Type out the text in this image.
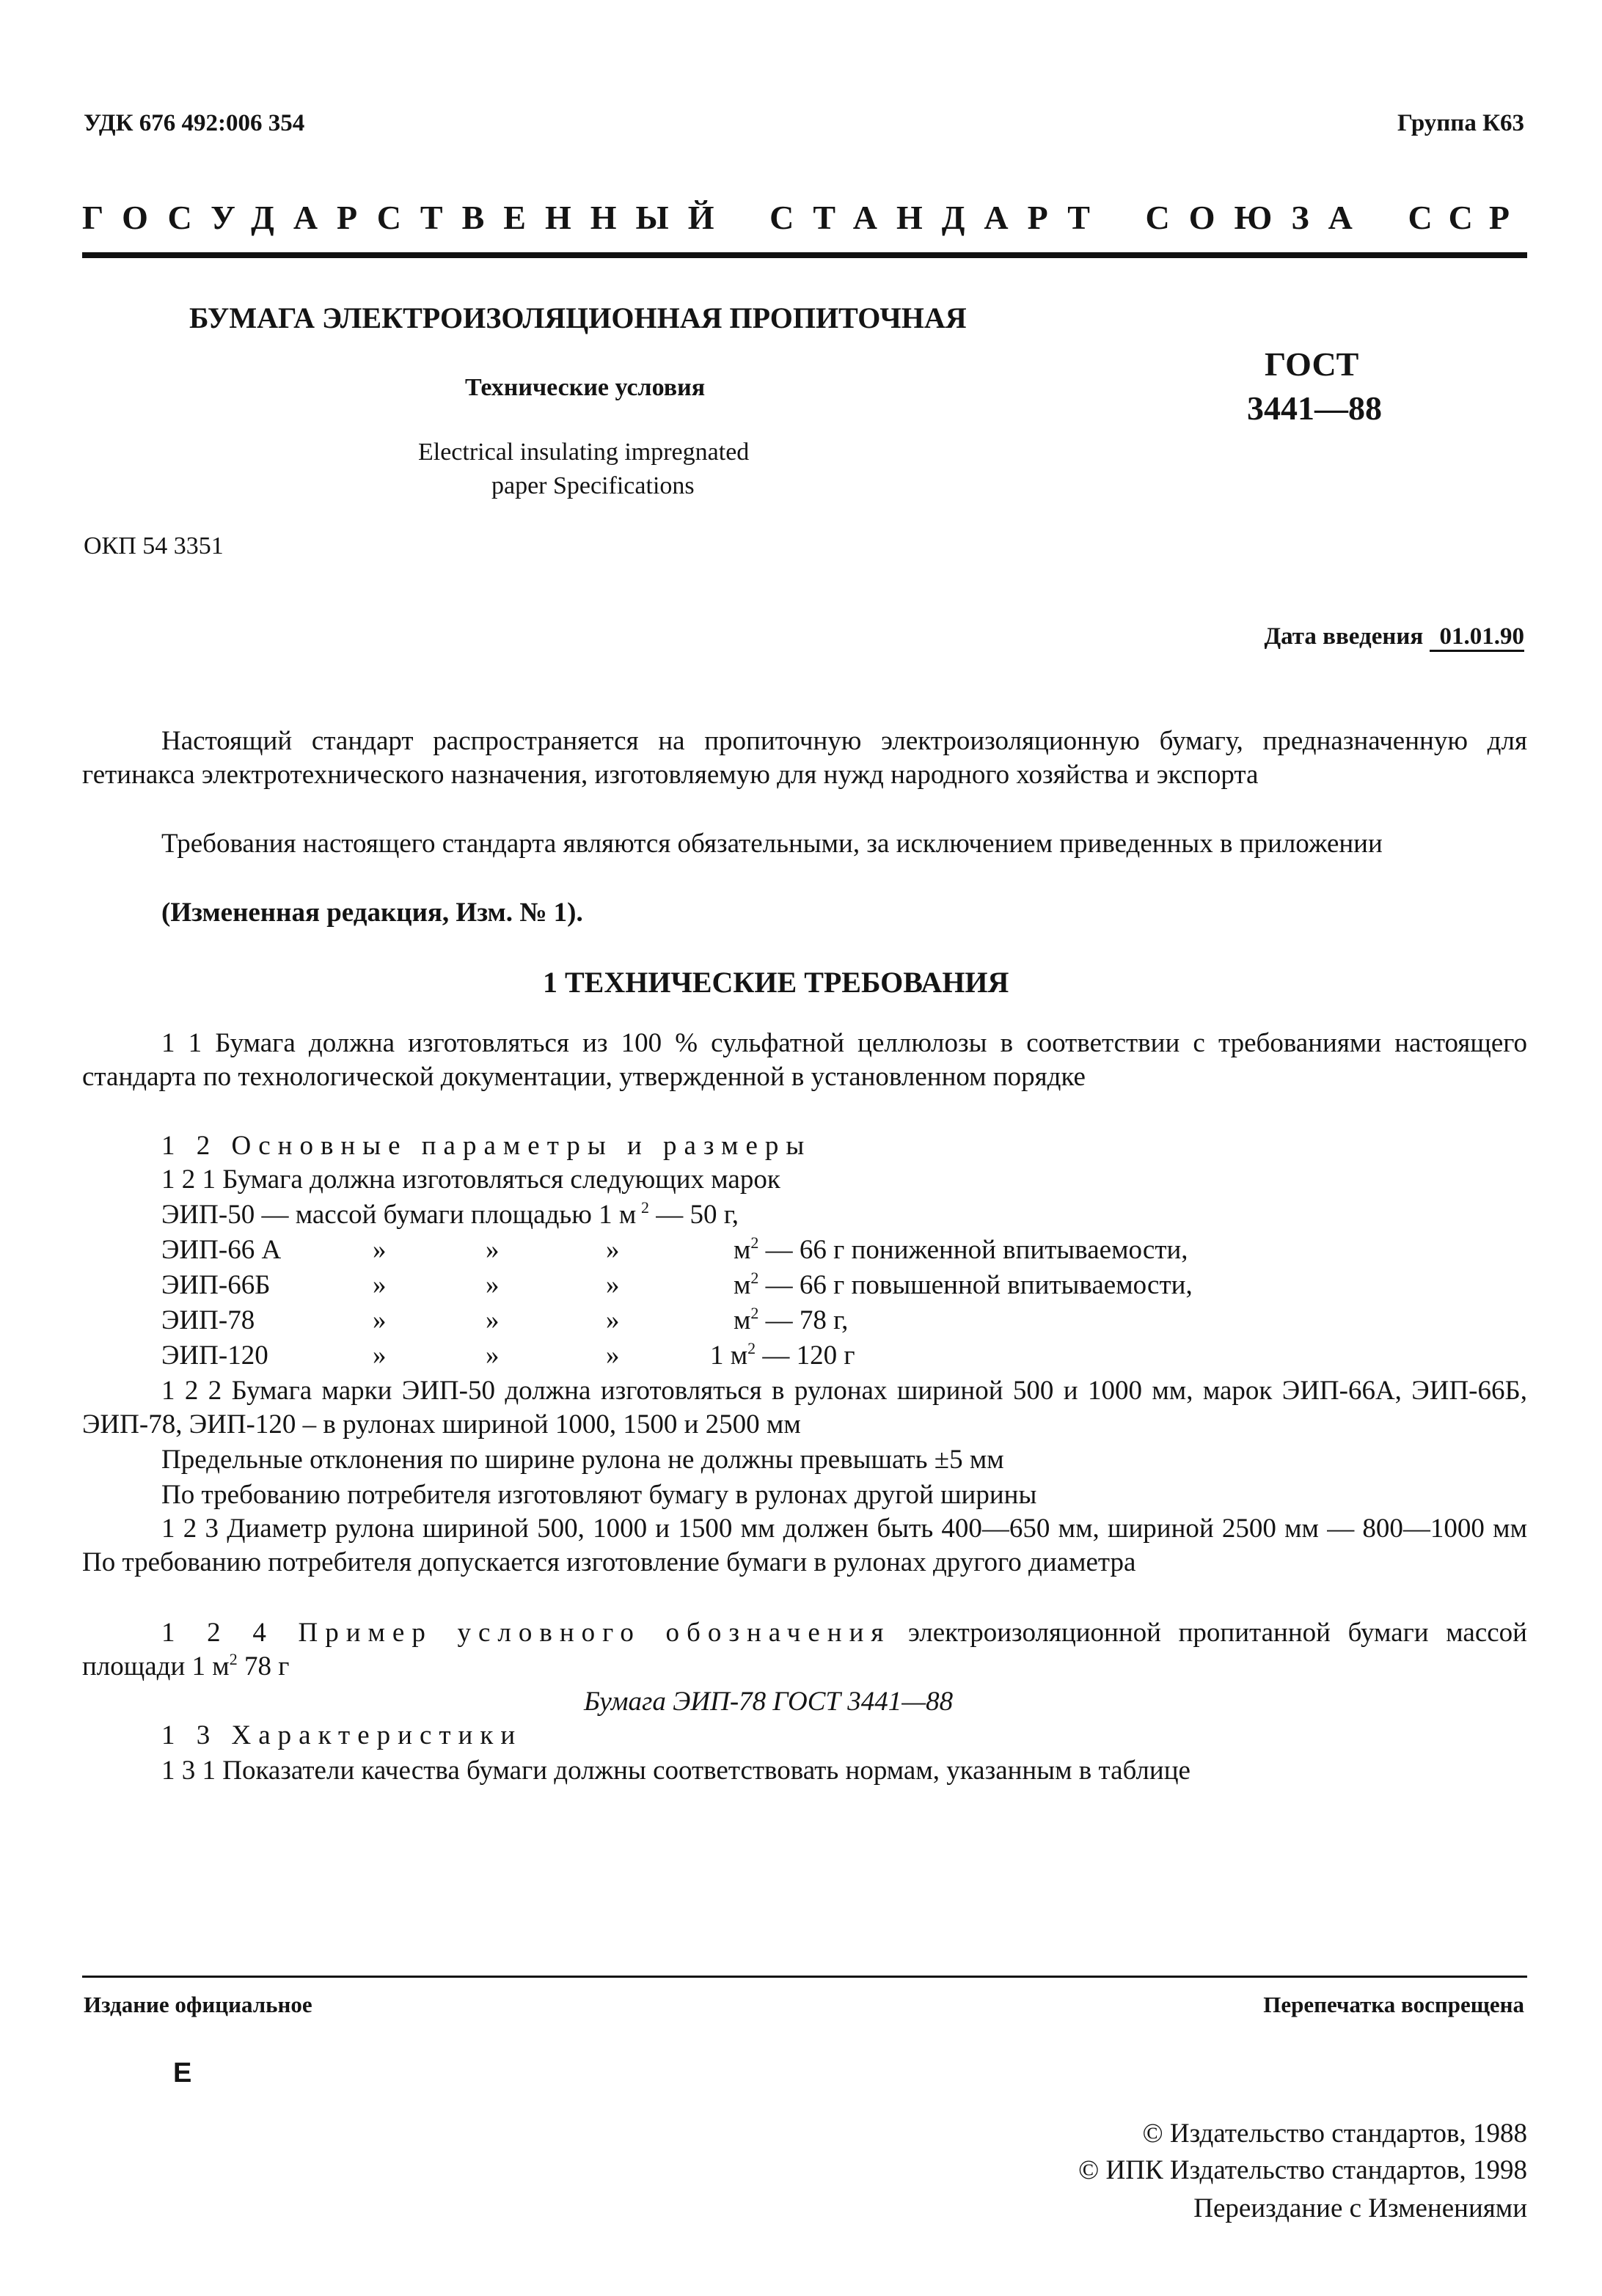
УДК 676 492:006 354	Группа К63
ГОСУДАРСТВЕННЫЙ СТАНДАРТ СОЮЗА ССР
БУМАГА ЭЛЕКТРОИЗОЛЯЦИОННАЯ ПРОПИТОЧНАЯ
Технические условия
Electrical insulating impregnated
paper Specifications
ГОСТ
3441—88
ОКП 54 3351
Дата введения 01.01.90
Настоящий стандарт распространяется на пропиточную электроизоляционную бумагу, предназначенную для гетинакса электротехнического назначения, изготовляемую для нужд народного хозяйства и экспорта
Требования настоящего стандарта являются обязательными, за исключением приведенных в приложении
(Измененная редакция, Изм. № 1).
1 ТЕХНИЧЕСКИЕ ТРЕБОВАНИЯ
1 1 Бумага должна изготовляться из 100 % сульфатной целлюлозы в соответствии с требованиями настоящего стандарта по технологической документации, утвержденной в установленном порядке
1 2 Основные параметры и размеры
1 2 1 Бумага должна изготовляться следующих марок
ЭИП-50 — массой бумаги площадью 1 м $^2$ — 50 г,
ЭИП-66 А	»	»	»	$м^2$ — 66 г пониженной впитываемости,
ЭИП-66Б	»	»	»	$м^2$ — 66 г повышенной впитываемости,
ЭИП-78	»	»	»	$м^2$ — 78 г,
ЭИП-120	»	»	»	1 $м^2$ — 120 г
1 2 2 Бумага марки ЭИП-50 должна изготовляться в рулонах шириной 500 и 1000 мм, марок ЭИП-66А, ЭИП-66Б, ЭИП-78, ЭИП-120 – в рулонах шириной 1000, 1500 и 2500 мм
Предельные отклонения по ширине рулона не должны превышать ±5 мм
По требованию потребителя изготовляют бумагу в рулонах другой ширины
1 2 3 Диаметр рулона шириной 500, 1000 и 1500 мм должен быть 400—650 мм, шириной 2500 мм — 800—1000 мм По требованию потребителя допускается изготовление бумаги в рулонах другого диаметра
1 2 4 Пример условного обозначения электроизоляционной пропитанной бумаги массой площади 1 $м^2$ 78 г
Бумага ЭИП-78 ГОСТ 3441—88
1 3 Характеристики
1 3 1 Показатели качества бумаги должны соответствовать нормам, указанным в таблице
Издание официальное	Перепечатка воспрещена
E
© Издательство стандартов, 1988
© ИПК Издательство стандартов, 1998
Переиздание с Изменениями
